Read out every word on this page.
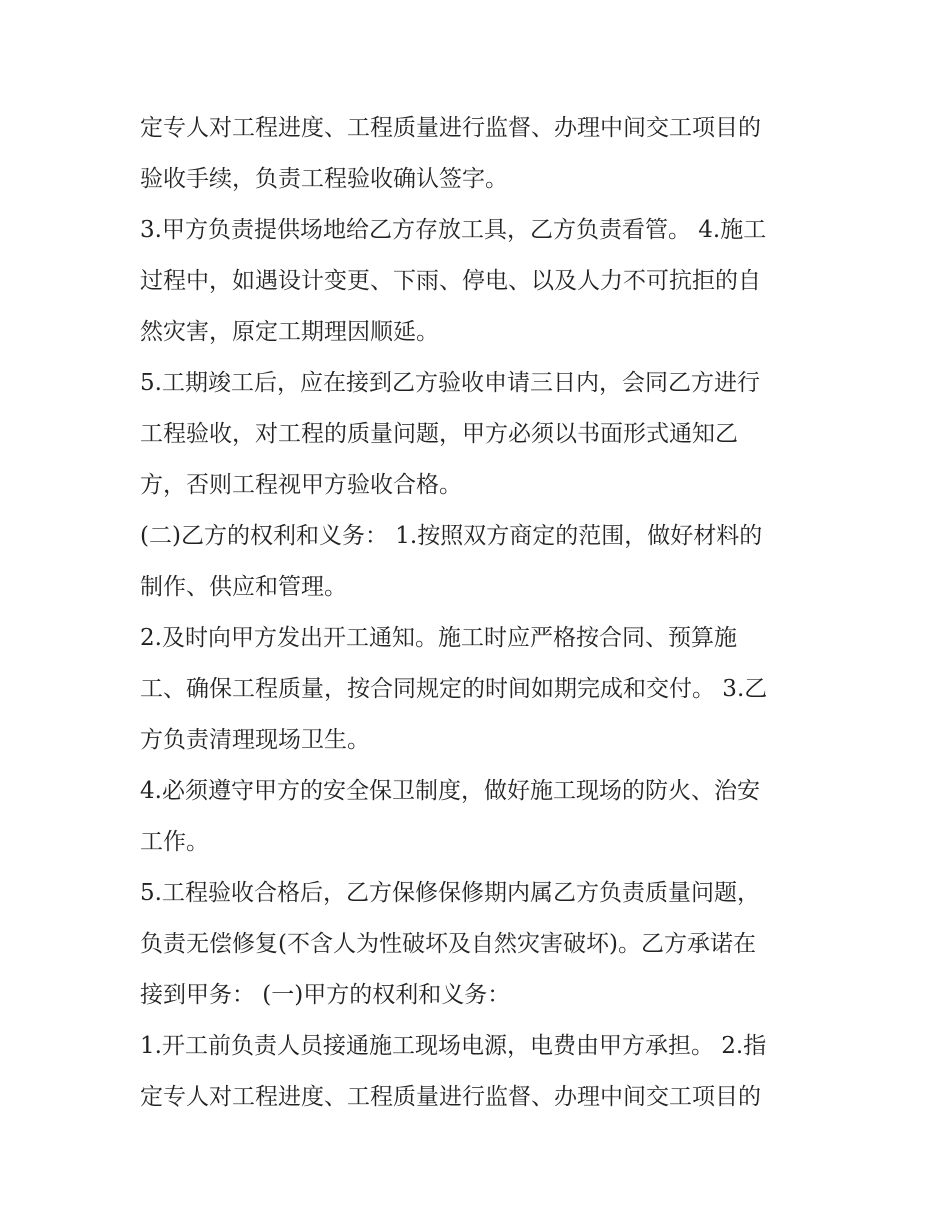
定专人对工程进度、工程质量进行监督、办理中间交工项目的
验收手续，负责工程验收确认签字。
3.甲方负责提供场地给乙方存放工具，乙方负责看管。 4.施工
过程中，如遇设计变更、下雨、停电、以及人力不可抗拒的自
然灾害，原定工期理因顺延。
5.工期竣工后，应在接到乙方验收申请三日内，会同乙方进行
工程验收，对工程的质量问题，甲方必须以书面形式通知乙
方，否则工程视甲方验收合格。
(二)乙方的权利和义务： 1.按照双方商定的范围，做好材料的
制作、供应和管理。
2.及时向甲方发出开工通知。施工时应严格按合同、预算施
工、确保工程质量，按合同规定的时间如期完成和交付。 3.乙
方负责清理现场卫生。
4.必须遵守甲方的安全保卫制度，做好施工现场的防火、治安
工作。
5.工程验收合格后，乙方保修保修期内属乙方负责质量问题，
负责无偿修复(不含人为性破坏及自然灾害破坏)。乙方承诺在
接到甲务： (一)甲方的权利和义务：
1.开工前负责人员接通施工现场电源，电费由甲方承担。 2.指
定专人对工程进度、工程质量进行监督、办理中间交工项目的
